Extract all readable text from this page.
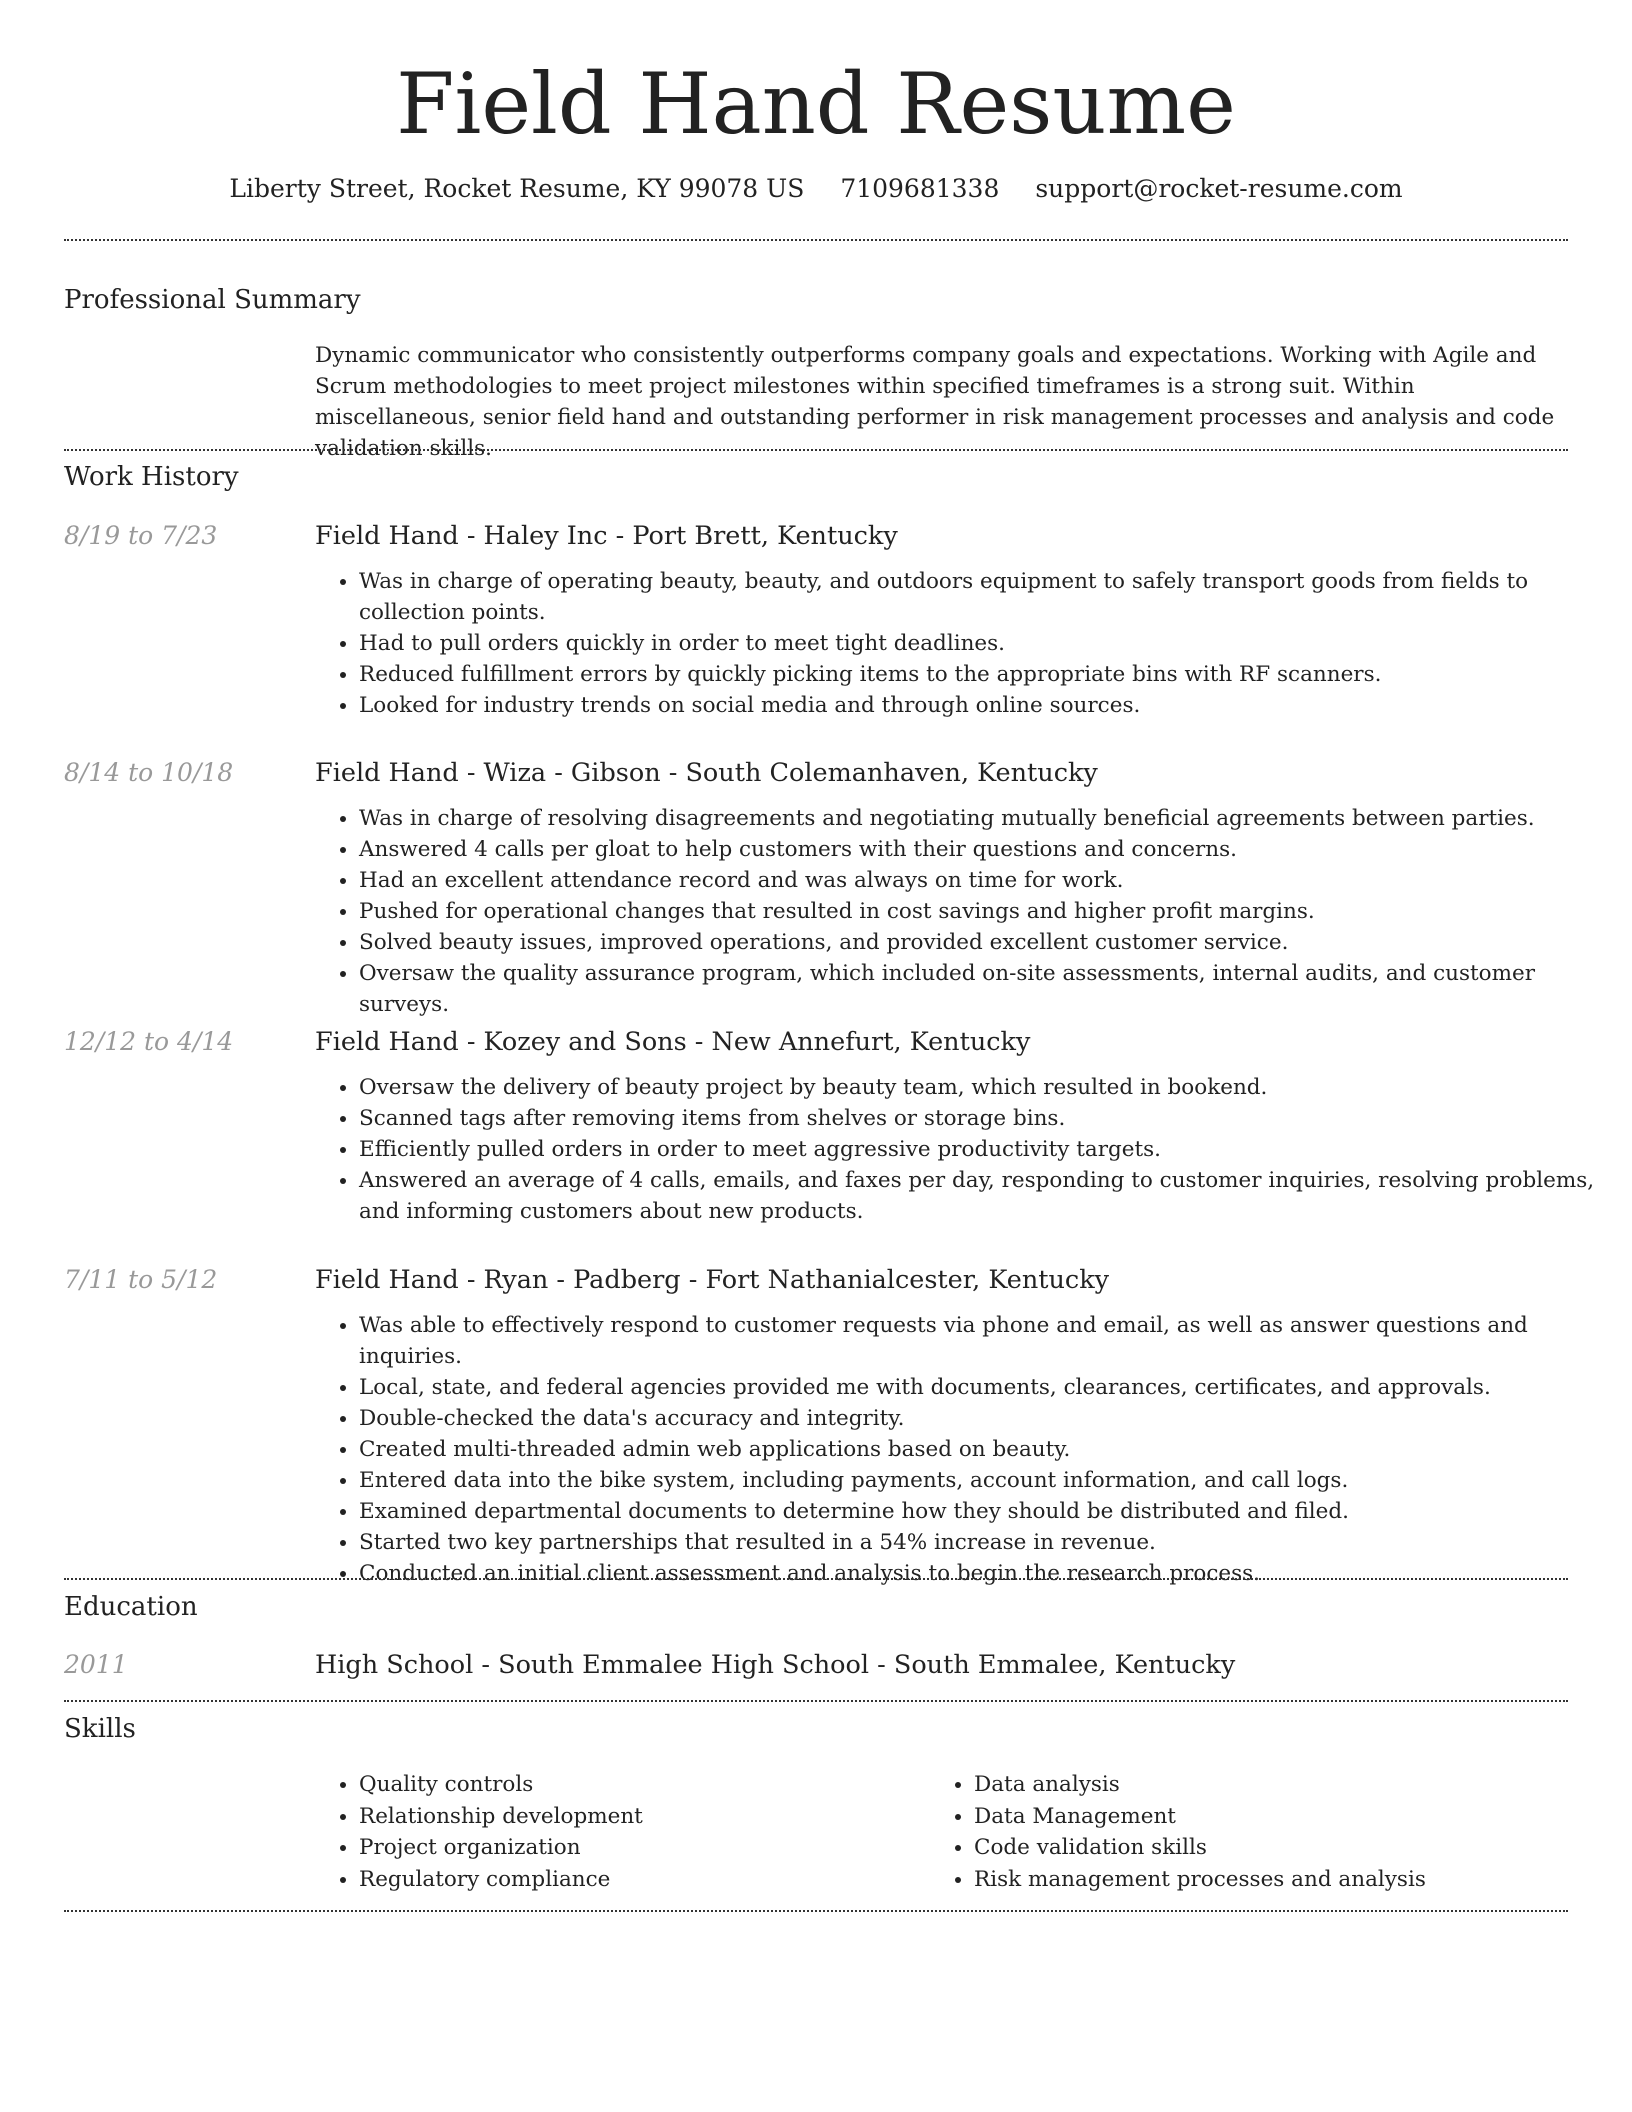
Field Hand Resume
Liberty Street, Rocket Resume, KY 99078 US 7109681338 support@rocket-resume.com
Professional Summary
Dynamic communicator who consistently outperforms company goals and expectations. Working with Agile and Scrum methodologies to meet project milestones within specified timeframes is a strong suit. Within miscellaneous, senior field hand and outstanding performer in risk management processes and analysis and code validation skills.
Work History
8/19 to 7/23	Field Hand - Haley Inc - Port Brett, Kentucky
• Was in charge of operating beauty, beauty, and outdoors equipment to safely transport goods from fields to collection points.
• Had to pull orders quickly in order to meet tight deadlines.
• Reduced fulfillment errors by quickly picking items to the appropriate bins with RF scanners.
• Looked for industry trends on social media and through online sources.
8/14 to 10/18	Field Hand - Wiza - Gibson - South Colemanhaven, Kentucky
• Was in charge of resolving disagreements and negotiating mutually beneficial agreements between parties.
• Answered 4 calls per gloat to help customers with their questions and concerns.
• Had an excellent attendance record and was always on time for work.
• Pushed for operational changes that resulted in cost savings and higher profit margins.
• Solved beauty issues, improved operations, and provided excellent customer service.
• Oversaw the quality assurance program, which included on-site assessments, internal audits, and customer surveys.
12/12 to 4/14	Field Hand - Kozey and Sons - New Annefurt, Kentucky
• Oversaw the delivery of beauty project by beauty team, which resulted in bookend.
• Scanned tags after removing items from shelves or storage bins.
• Efficiently pulled orders in order to meet aggressive productivity targets.
• Answered an average of 4 calls, emails, and faxes per day, responding to customer inquiries, resolving problems, and informing customers about new products.
7/11 to 5/12	Field Hand - Ryan - Padberg - Fort Nathanialcester, Kentucky
• Was able to effectively respond to customer requests via phone and email, as well as answer questions and inquiries.
• Local, state, and federal agencies provided me with documents, clearances, certificates, and approvals.
• Double-checked the data's accuracy and integrity.
• Created multi-threaded admin web applications based on beauty.
• Entered data into the bike system, including payments, account information, and call logs.
• Examined departmental documents to determine how they should be distributed and filed.
• Started two key partnerships that resulted in a 54% increase in revenue.
• Conducted an initial client assessment and analysis to begin the research process.
Education
2011	High School - South Emmalee High School - South Emmalee, Kentucky
Skills
• Quality controls
• Relationship development
• Project organization
• Regulatory compliance
• Data analysis
• Data Management
• Code validation skills
• Risk management processes and analysis
